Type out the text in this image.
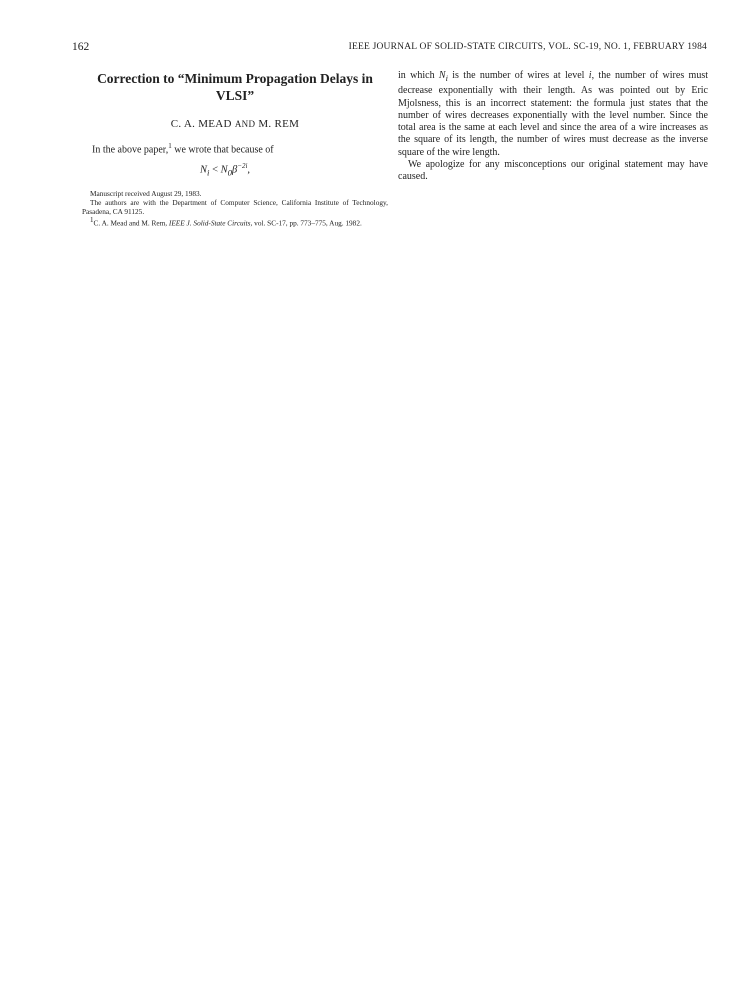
162	IEEE JOURNAL OF SOLID-STATE CIRCUITS, VOL. SC-19, NO. 1, FEBRUARY 1984
Correction to “Minimum Propagation Delays in VLSI”
C. A. MEAD AND M. REM

In the above paper,$^1$ we wrote that because of

$N_i < N_0\beta^{-2i}$,
Manuscript received August 29, 1983.
The authors are with the Department of Computer Science, California Institute of Technology, Pasadena, CA 91125.
$^1$C. A. Mead and M. Rem, IEEE J. Solid-State Circuits, vol. SC-17, pp. 773–775, Aug. 1982.

in which $N_i$ is the number of wires at level i, the number of wires must decrease exponentially with their length. As was pointed out by Eric Mjolsness, this is an incorrect statement: the formula just states that the number of wires decreases exponentially with the level number. Since the total area is the same at each level and since the area of a wire increases as the square of its length, the number of wires must decrease as the inverse square of the wire length.

We apologize for any misconceptions our original statement may have caused.
